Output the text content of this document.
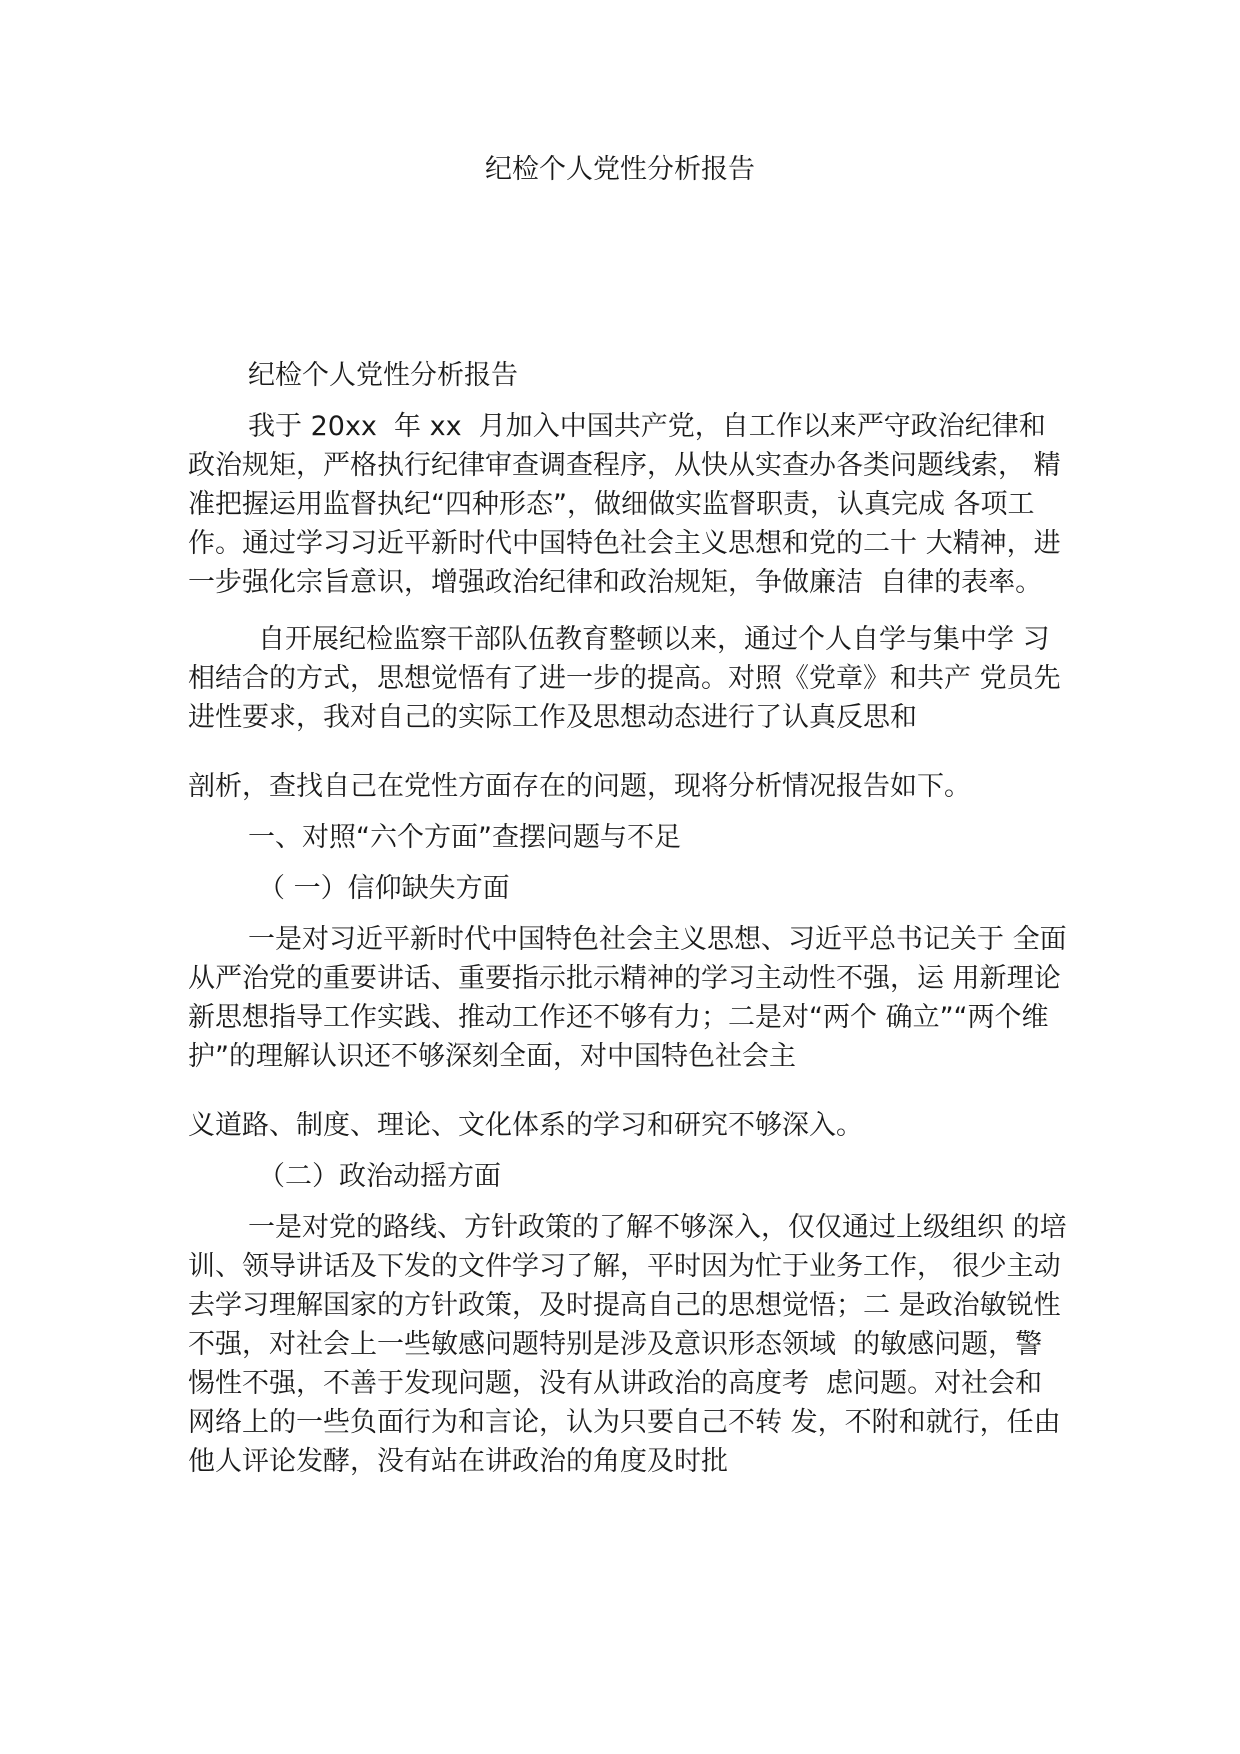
纪检个人党性分析报告

纪检个人党性分析报告

我于 20xx  年 xx  月加入中国共产党，自工作以来严守政治纪律和 政治规矩，严格执行纪律审查调查程序，从快从实查办各类问题线索， 精准把握运用监督执纪“四种形态”，做细做实监督职责，认真完成 各项工作。通过学习习近平新时代中国特色社会主义思想和党的二十 大精神，进一步强化宗旨意识，增强政治纪律和政治规矩，争做廉洁  自律的表率。

自开展纪检监察干部队伍教育整顿以来，通过个人自学与集中学 习相结合的方式，思想觉悟有了进一步的提高。对照《党章》和共产 党员先进性要求，我对自己的实际工作及思想动态进行了认真反思和

剖析，查找自己在党性方面存在的问题，现将分析情况报告如下。

一、对照“六个方面”查摆问题与不足

（ 一）信仰缺失方面

一是对习近平新时代中国特色社会主义思想、习近平总书记关于 全面从严治党的重要讲话、重要指示批示精神的学习主动性不强，运 用新理论新思想指导工作实践、推动工作还不够有力；二是对“两个 确立”“两个维护”的理解认识还不够深刻全面，对中国特色社会主

义道路、制度、理论、文化体系的学习和研究不够深入。

（二）政治动摇方面

一是对党的路线、方针政策的了解不够深入，仅仅通过上级组织 的培训、领导讲话及下发的文件学习了解，平时因为忙于业务工作， 很少主动去学习理解国家的方针政策，及时提高自己的思想觉悟；二 是政治敏锐性不强，对社会上一些敏感问题特别是涉及意识形态领域  的敏感问题，警惕性不强，不善于发现问题，没有从讲政治的高度考  虑问题。对社会和网络上的一些负面行为和言论，认为只要自己不转 发，不附和就行，任由他人评论发酵，没有站在讲政治的角度及时批
